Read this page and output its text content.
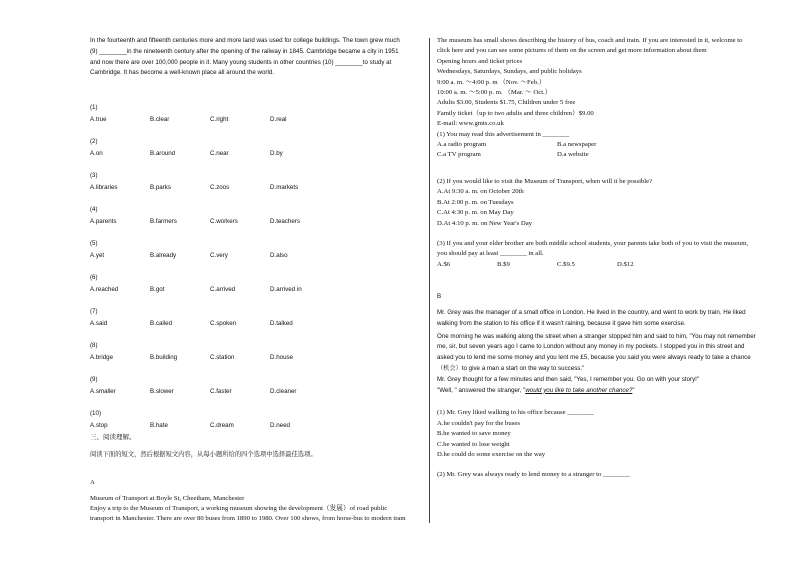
In the fourteenth and fifteenth centuries more and more land was used for college buildings. The town grew much

(9) ________in the nineteenth century after the opening of the railway in 1845. Cambridge became a city in 1951

and now there are over 100,000 people in it. Many young students in other countries (10) ________to study at

Cambridge. It has become a well-known place all around the world.

(1)
A.true	B.clear	C.right	D.real
(2)
A.on	B.around	C.near	D.by
(3)
A.libraries	B.parks	C.zoos	D.markets
(4)
A.parents	B.farmers	C.workers	D.teachers
(5)
A.yet	B.already	C.very	D.also
(6)
A.reached	B.got	C.arrived	D.arrived in
(7)
A.said	B.called	C.spoken	D.talked
(8)
A.bridge	B.building	C.station	D.house
(9)
A.smaller	B.slower	C.faster	D.cleaner
(10)
A.stop	B.hate	C.dream	D.need
三、阅读理解。
阅读下面的短文，然后根据短文内容，从每小题所给的四个选项中选择最佳选项。
A

Museum of Transport at Boyle St, Cheetham, Manchester

Enjoy a trip to the Museum of Transport, a working museum showing the development（发展）of road public

transport in Manchester. There are over 80 buses from 1890 to 1980. Over 100 shows, from horse-bus to modern tram

The museum has small shows describing the history of bus, coach and train. If you are interested in it, welcome to

click here and you can see some pictures of them on the screen and get more information about them

Opening hours and ticket prices

Wednesdays, Saturdays, Sundays, and public holidays

9:00 a. m. ～4:00 p. m （Nov. ～Feb.）

10:00 a. m. ～5:00 p. m. （Mar. ～ Oct.）

Adults $3.00, Students $1.75, Children under 5 free

Family ticket（up to two adults and three children）$9.00

E-mail: www.gmts.co.uk

(1) You may read this advertisement in ________

A.a radio program	B.a newspaper
C.a TV program	D.a website

(2) If you would like to visit the Museum of Transport, when will it be possible?

A.At 9:30 a. m. on October 20th

B.At 2:00 p. m. on Tuesdays

C.At 4:30 p. m. on May Day

D.At 4:10 p. m. on New Year's Day

(3) If you and your elder brother are both middle school students, your parents take both of you to visit the museum,

you should pay at least ________ in all.

A.$6	B.$9	C.$9.5	D.$12
B

Mr. Grey was the manager of a small office in London. He lived in the country, and went to work by train. He liked

walking from the station to his office if it wasn't raining, because it gave him some exercise.

One morning he was walking along the street when a stranger stopped him and said to him, "You may not remember

me, sir, but seven years ago I came to London without any money in my pockets. I stopped you in this street and

asked you to lend me some money and you lent me £5, because you said you were always ready to take a chance

（机会）to give a man a start on the way to success."

Mr. Grey thought for a few minutes and then said, "Yes, I remember you. Go on with your story!"

"Well, " answered the stranger, "would you like to take another chance?"

(1) Mr. Grey liked walking to his office because ________

A.he couldn't pay for the buses

B.he wanted to save money

C.he wanted to lose weight

D.he could do some exercise on the way

(2) Mr. Grey was always ready to lend money to a stranger to ________
